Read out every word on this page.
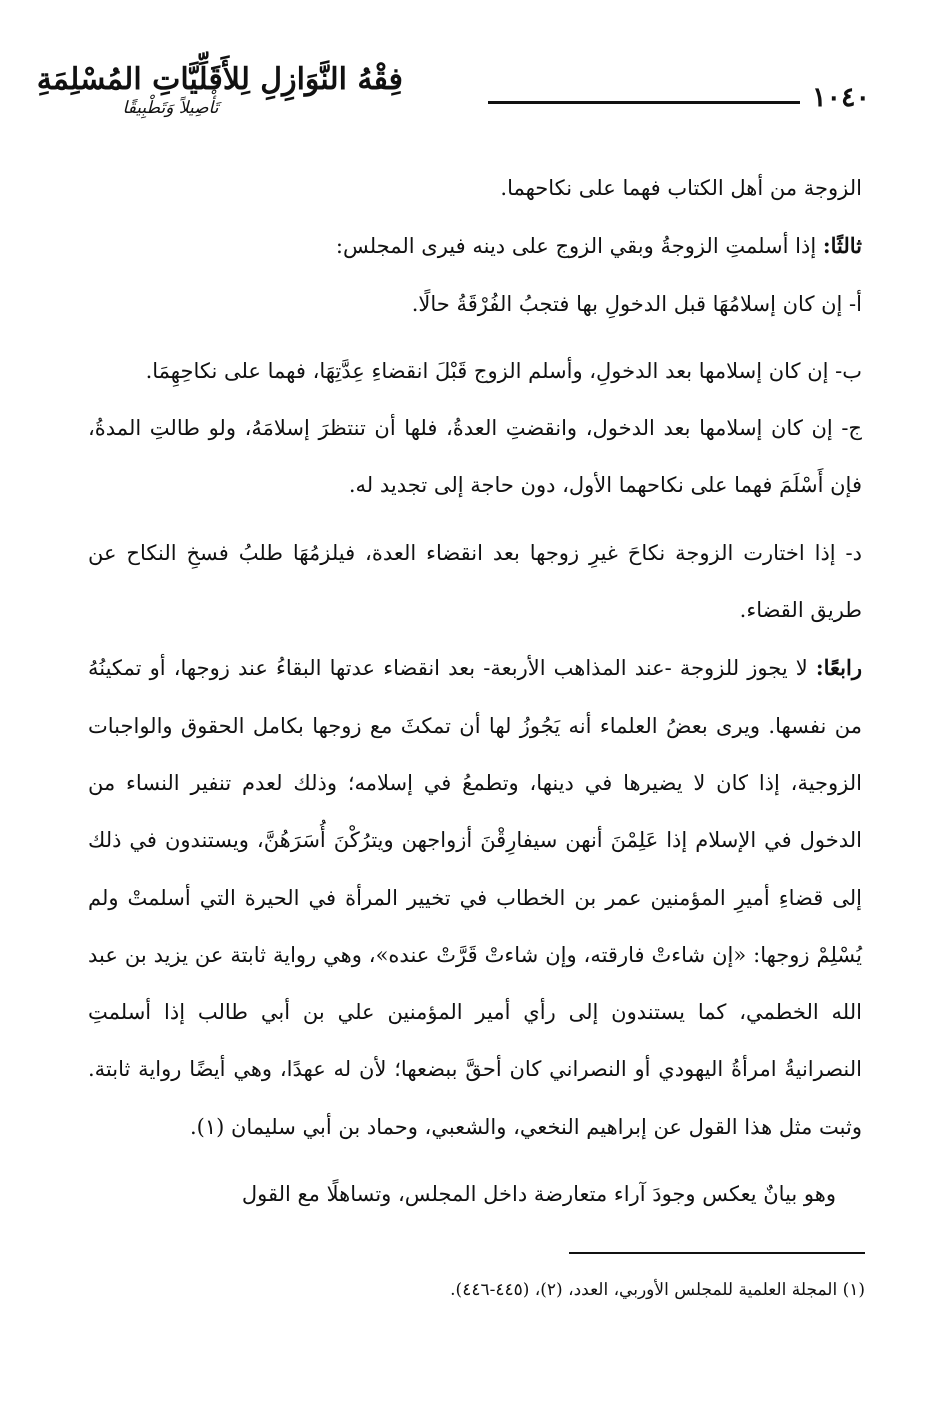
١٠٤٠
فِقْهُ النَّوَازِلِ لِلأَقَلِّيَّاتِ المُسْلِمَةِ
تَأْصِيلاً وَتَطْبِيقًا

الزوجة من أهل الكتاب فهما على نكاحهما.

ثالثًا: إذا أسلمتِ الزوجةُ وبقي الزوج على دينه فيرى المجلس:

أ- إن كان إسلامُهَا قبل الدخولِ بها فتجبُ الفُرْقَةُ حالًا.

ب- إن كان إسلامها بعد الدخولِ، وأسلم الزوج قَبْلَ انقضاءِ عِدَّتِهَا، فهما على نكاحِهِمَا.

ج- إن كان إسلامها بعد الدخول، وانقضتِ العدةُ، فلها أن تنتظرَ إسلامَهُ، ولو طالتِ المدةُ، فإن أَسْلَمَ فهما على نكاحهما الأول، دون حاجة إلى تجديد له.

د- إذا اختارت الزوجة نكاحَ غيرِ زوجها بعد انقضاء العدة، فيلزمُهَا طلبُ فسخِ النكاح عن طريق القضاء.

رابعًا: لا يجوز للزوجة -عند المذاهب الأربعة- بعد انقضاء عدتها البقاءُ عند زوجها، أو تمكينُهُ من نفسها. ويرى بعضُ العلماء أنه يَجُوزُ لها أن تمكثَ مع زوجها بكامل الحقوق والواجبات الزوجية، إذا كان لا يضيرها في دينها، وتطمعُ في إسلامه؛ وذلك لعدم تنفير النساء من الدخول في الإسلام إذا عَلِمْنَ أنهن سيفارِقْنَ أزواجهن ويترُكْنَ أُسَرَهُنَّ، ويستندون في ذلك إلى قضاءِ أميرِ المؤمنين عمر بن الخطاب في تخيير المرأة في الحيرة التي أسلمتْ ولم يُسْلِمْ زوجها: «إن شاءتْ فارقته، وإن شاءتْ قَرَّتْ عنده»، وهي رواية ثابتة عن يزيد بن عبد الله الخطمي، كما يستندون إلى رأي أمير المؤمنين علي بن أبي طالب إذا أسلمتِ النصرانيةُ امرأةُ اليهودي أو النصراني كان أحقَّ ببضعها؛ لأن له عهدًا، وهي أيضًا رواية ثابتة. وثبت مثل هذا القول عن إبراهيم النخعي، والشعبي، وحماد بن أبي سليمان (١).

وهو بيانٌ يعكس وجودَ آراء متعارضة داخل المجلس، وتساهلًا مع القول

(١) المجلة العلمية للمجلس الأوربي، العدد، (٢)، (٤٤٥-٤٤٦).
